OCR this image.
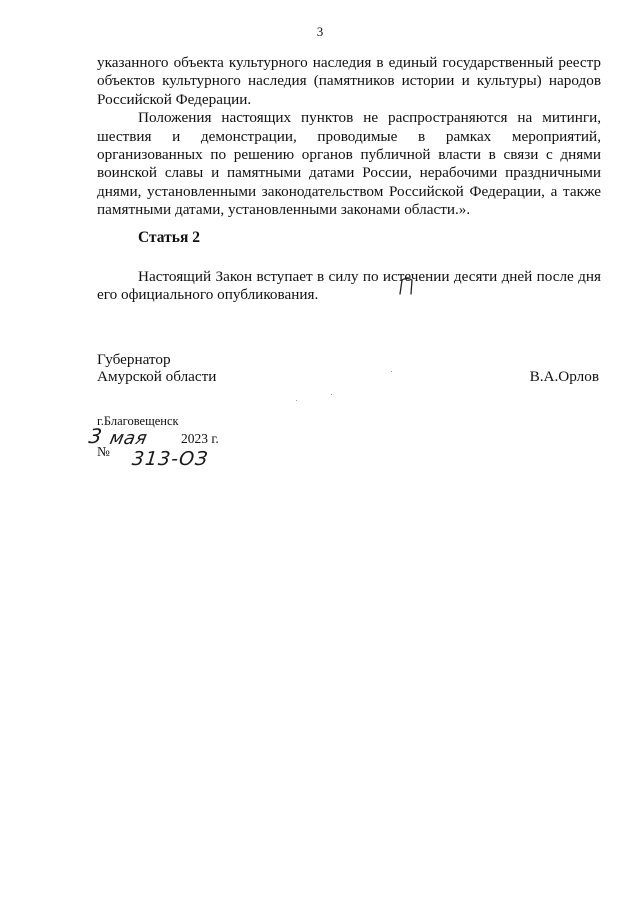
3

указанного объекта культурного наследия в единый государственный реестр объектов культурного наследия (памятников истории и культуры) народов Российской Федерации.

Положения настоящих пунктов не распространяются на митинги, шествия и демонстрации, проводимые в рамках мероприятий, организованных по решению органов публичной власти в связи с днями воинской славы и памятными датами России, нерабочими праздничными днями, установленными законодательством Российской Федерации, а также памятными датами, установленными законами области.».

Статья 2

Настоящий Закон вступает в силу по истечении десяти дней после дня его официального опубликования.

Губернатор
Амурской области	В.А.Орлов
г.Благовещенск
3 мая 2023 г.
№ 313-ОЗ
